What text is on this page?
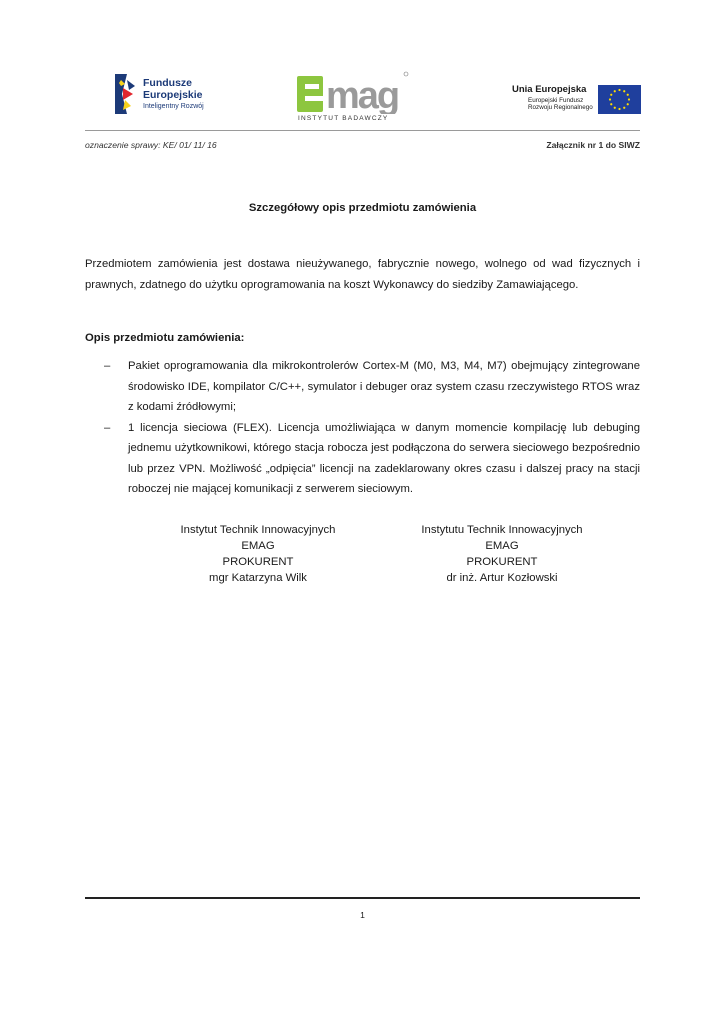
Fundusze
Europejskie
Inteligentny Rozwój	mag
INSTYTUT BADAWCZY
Unia Europejska
Europejski Fundusz
Rozwoju Regionalnego
oznaczenie sprawy: KE/ 01/ 11/ 16	Załącznik nr 1 do SIWZ
Szczegółowy opis przedmiotu zamówienia

Przedmiotem zamówienia jest dostawa nieużywanego, fabrycznie nowego, wolnego od wad fizycznych i prawnych, zdatnego do użytku oprogramowania na koszt Wykonawcy do siedziby Zamawiającego.

Opis przedmiotu zamówienia:
– Pakiet oprogramowania dla mikrokontrolerów Cortex-M (M0, M3, M4, M7) obejmujący zintegrowane środowisko IDE, kompilator C/C++, symulator i debuger oraz system czasu rzeczywistego RTOS wraz z kodami źródłowymi;
– 1 licencja sieciowa (FLEX). Licencja umożliwiająca w danym momencie kompilację lub debuging jednemu użytkownikowi, którego stacja robocza jest podłączona do serwera sieciowego bezpośrednio lub przez VPN. Możliwość „odpięcia” licencji na zadeklarowany okres czasu i dalszej pracy na stacji roboczej nie mającej komunikacji z serwerem sieciowym.
Instytut Technik Innowacyjnych
EMAG
PROKURENT
mgr Katarzyna Wilk
Instytutu Technik Innowacyjnych
EMAG
PROKURENT
dr inż. Artur Kozłowski
1
